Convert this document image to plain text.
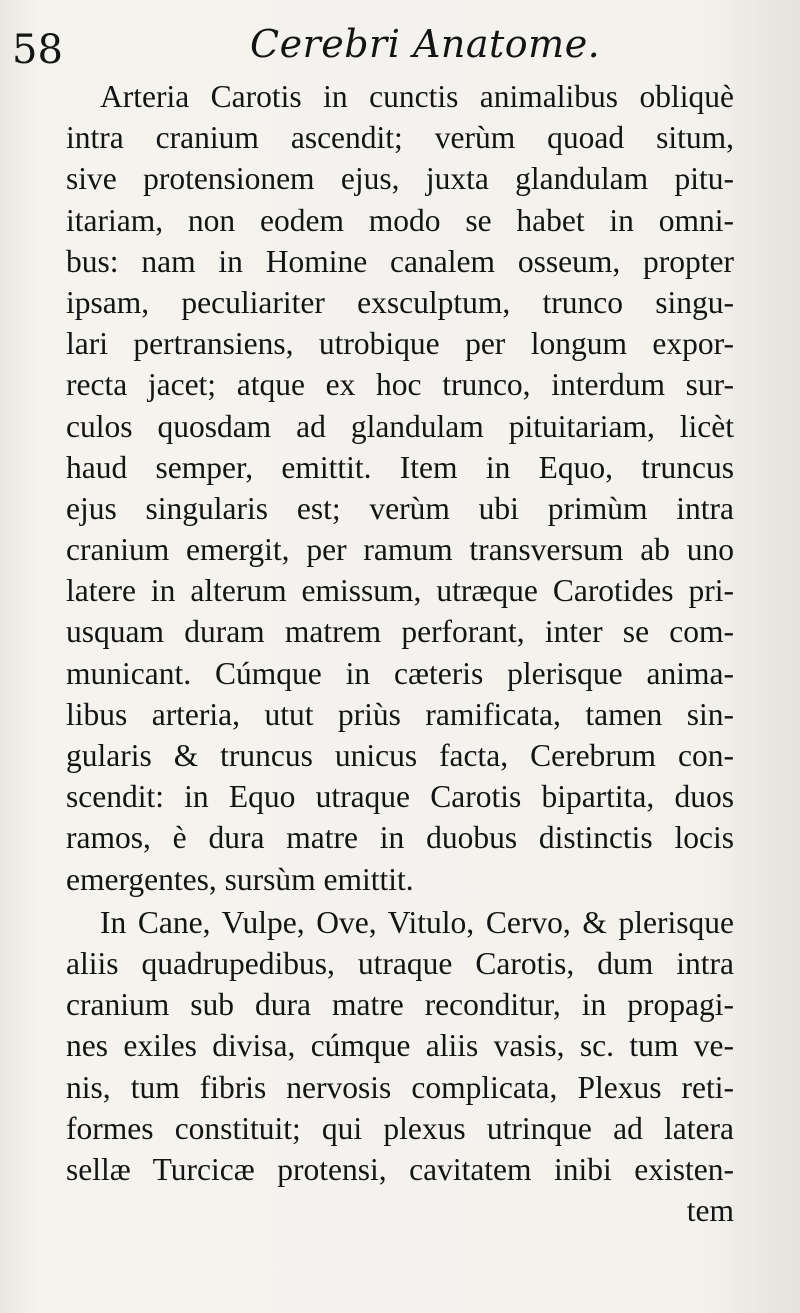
58	Cerebri Anatome.
Arteria Carotis in cunctis animalibus obliquè
intra cranium ascendit; verùm quoad situm,
sive protensionem ejus, juxta glandulam pitu-
itariam, non eodem modo se habet in omni-
bus: nam in Homine canalem osseum, propter
ipsam, peculiariter exsculptum, trunco singu-
lari pertransiens, utrobique per longum expor-
recta jacet; atque ex hoc trunco, interdum sur-
culos quosdam ad glandulam pituitariam, licèt
haud semper, emittit. Item in Equo, truncus
ejus singularis est; verùm ubi primùm intra
cranium emergit, per ramum transversum ab uno
latere in alterum emissum, utræque Carotides pri-
usquam duram matrem perforant, inter se com-
municant. Cúmque in cæteris plerisque anima-
libus arteria, utut priùs ramificata, tamen sin-
gularis & truncus unicus facta, Cerebrum con-
scendit: in Equo utraque Carotis bipartita, duos
ramos, è dura matre in duobus distinctis locis
emergentes, sursùm emittit.
In Cane, Vulpe, Ove, Vitulo, Cervo, & plerisque
aliis quadrupedibus, utraque Carotis, dum intra
cranium sub dura matre reconditur, in propagi-
nes exiles divisa, cúmque aliis vasis, sc. tum ve-
nis, tum fibris nervosis complicata, Plexus reti-
formes constituit; qui plexus utrinque ad latera
sellæ Turcicæ protensi, cavitatem inibi existen-
tem
